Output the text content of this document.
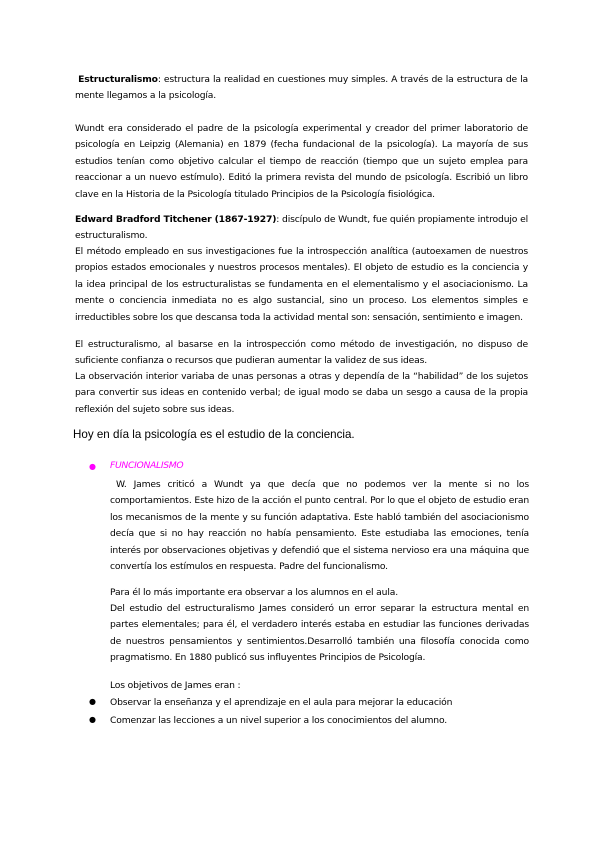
Estructuralismo: estructura la realidad en cuestiones muy simples. A través de la estructura de la mente llegamos a la psicología.

Wundt era considerado el padre de la psicología experimental y creador del primer laboratorio de psicología en Leipzig (Alemania) en 1879 (fecha fundacional de la psicología). La mayoría de sus estudios tenían como objetivo calcular el tiempo de reacción (tiempo que un sujeto emplea para reaccionar a un nuevo estímulo). Editó la primera revista del mundo de psicología. Escribió un libro clave en la Historia de la Psicología titulado Principios de la Psicología fisiológica.

Edward Bradford Titchener (1867-1927): discípulo de Wundt, fue quién propiamente introdujo el estructuralismo.

El método empleado en sus investigaciones fue la introspección analítica (autoexamen de nuestros propios estados emocionales y nuestros procesos mentales). El objeto de estudio es la conciencia y la idea principal de los estructuralistas se fundamenta en el elementalismo y el asociacionismo. La mente o conciencia inmediata no es algo sustancial, sino un proceso. Los elementos simples e irreductibles sobre los que descansa toda la actividad mental son: sensación, sentimiento e imagen.

El estructuralismo, al basarse en la introspección como método de investigación, no dispuso de suficiente confianza o recursos que pudieran aumentar la validez de sus ideas.

La observación interior variaba de unas personas a otras y dependía de la “habilidad” de los sujetos para convertir sus ideas en contenido verbal; de igual modo se daba un sesgo a causa de la propia reflexión del sujeto sobre sus ideas.

Hoy en día la psicología es el estudio de la conciencia.

● FUNCIONALISMO

W. James criticó a Wundt ya que decía que no podemos ver la mente si no los comportamientos. Este hizo de la acción el punto central. Por lo que el objeto de estudio eran los mecanismos de la mente y su función adaptativa. Este habló también del asociacionismo decía que si no hay reacción no había pensamiento. Este estudiaba las emociones, tenía interés por observaciones objetivas y defendió que el sistema nervioso era una máquina que convertía los estímulos en respuesta. Padre del funcionalismo.

Para él lo más importante era observar a los alumnos en el aula.

Del estudio del estructuralismo James consideró un error separar la estructura mental en partes elementales; para él, el verdadero interés estaba en estudiar las funciones derivadas de nuestros pensamientos y sentimientos.Desarrolló también una filosofía conocida como pragmatismo. En 1880 publicó sus influyentes Principios de Psicología.

Los objetivos de James eran :

● Observar la enseñanza y el aprendizaje en el aula para mejorar la educación

● Comenzar las lecciones a un nivel superior a los conocimientos del alumno.
